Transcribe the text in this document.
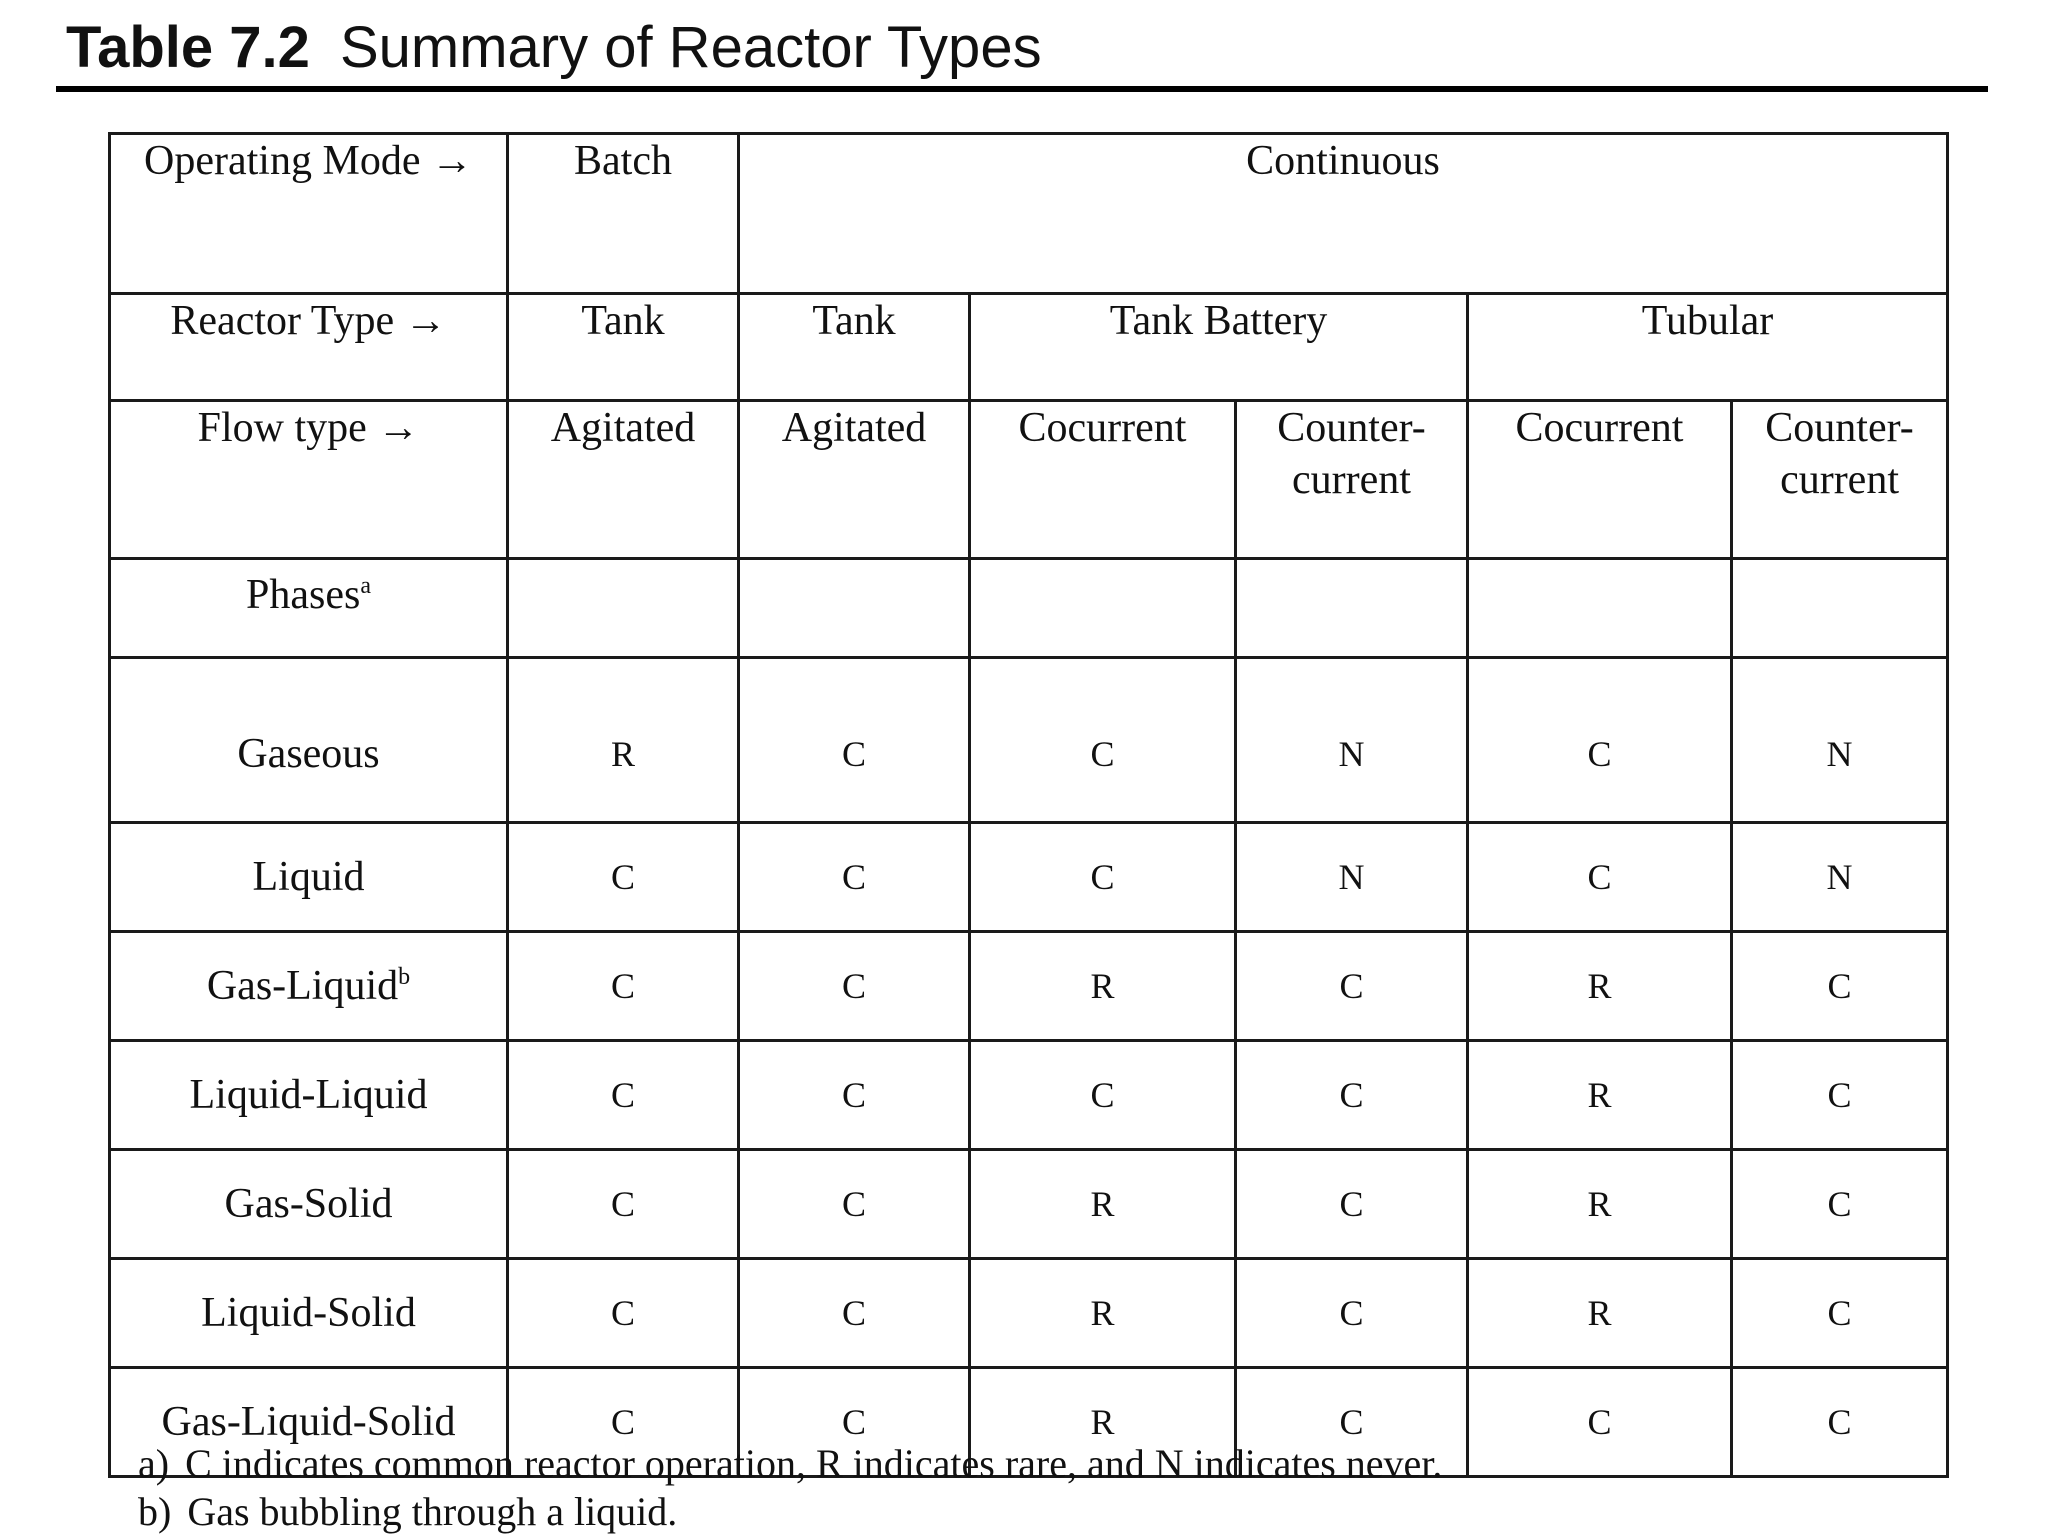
Table 7.2 Summary of Reactor Types
Operating Mode →	Batch	Continuous				
Reactor Type →	Tank	Tank	Tank Battery		Tubular	
Flow type →	Agitated	Agitated	Cocurrent	Counter-current	Cocurrent	Counter-current
Phases$^a$						
Gaseous	R	C	C	N	C	N
Liquid	C	C	C	N	C	N
Gas-Liquid$^b$	C	C	R	C	R	C
Liquid-Liquid	C	C	C	C	R	C
Gas-Solid	C	C	R	C	R	C
Liquid-Solid	C	C	R	C	R	C
Gas-Liquid-Solid	C	C	R	C	C	C

a) C indicates common reactor operation, R indicates rare, and N indicates never.

b) Gas bubbling through a liquid.
